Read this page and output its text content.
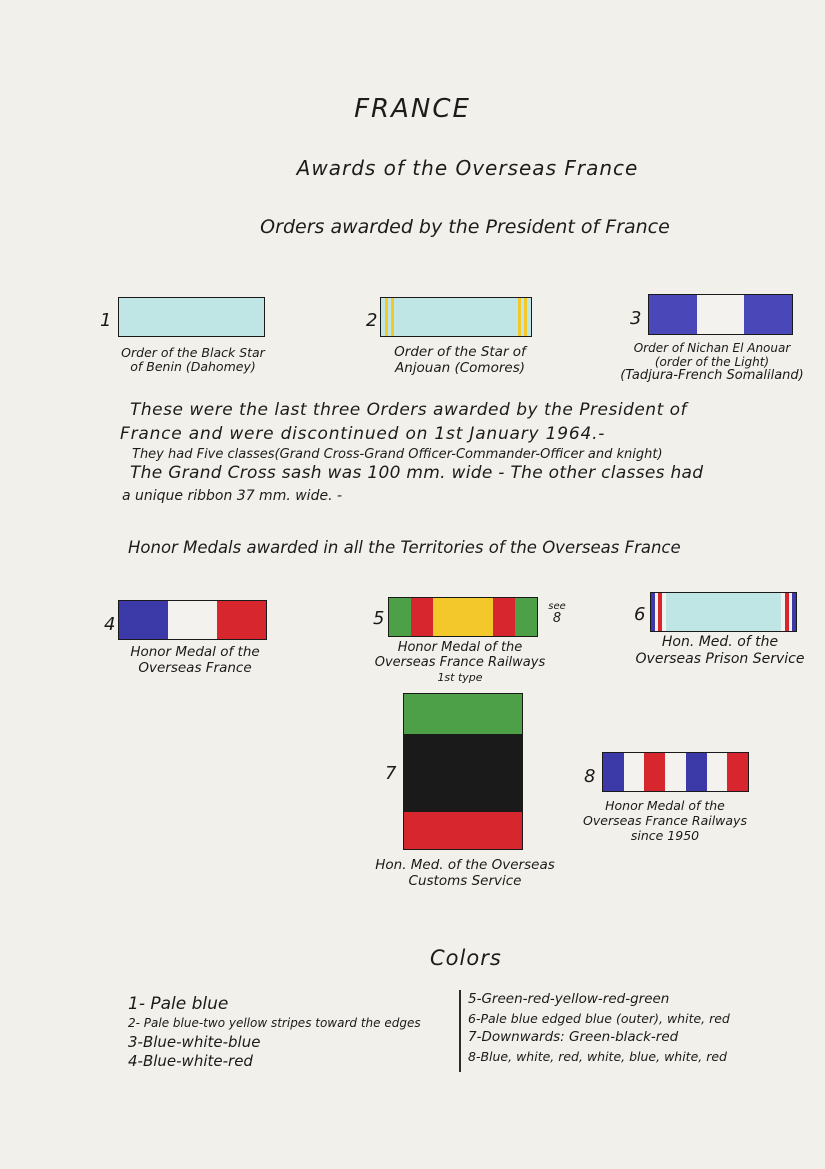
FRANCE
Awards of the Overseas France
Orders awarded by the President of France
1
Order of the Black Star
of Benin (Dahomey)
2
Order of the Star of
Anjouan (Comores)
3
Order of Nichan El Anouar
(order of the Light)
(Tadjura-French Somaliland)
These were the last three Orders awarded by the President of
France and were discontinued on 1st January 1964.-
They had Five classes(Grand Cross-Grand Officer-Commander-Officer and knight)
The Grand Cross sash was 100 mm. wide - The other classes had
a unique ribbon 37 mm. wide. -
Honor Medals awarded in all the Territories of the Overseas France
4
Honor Medal of the
Overseas France
5
see
8
Honor Medal of the
Overseas France Railways
1st type
6
Hon. Med. of the
Overseas Prison Service
7
Hon. Med. of the Overseas
Customs Service
8
Honor Medal of the
Overseas France Railways
since 1950
Colors
1- Pale blue
2- Pale blue-two yellow stripes toward the edges
3-Blue-white-blue
4-Blue-white-red
5-Green-red-yellow-red-green
6-Pale blue edged blue (outer), white, red
7-Downwards: Green-black-red
8-Blue, white, red, white, blue, white, red
